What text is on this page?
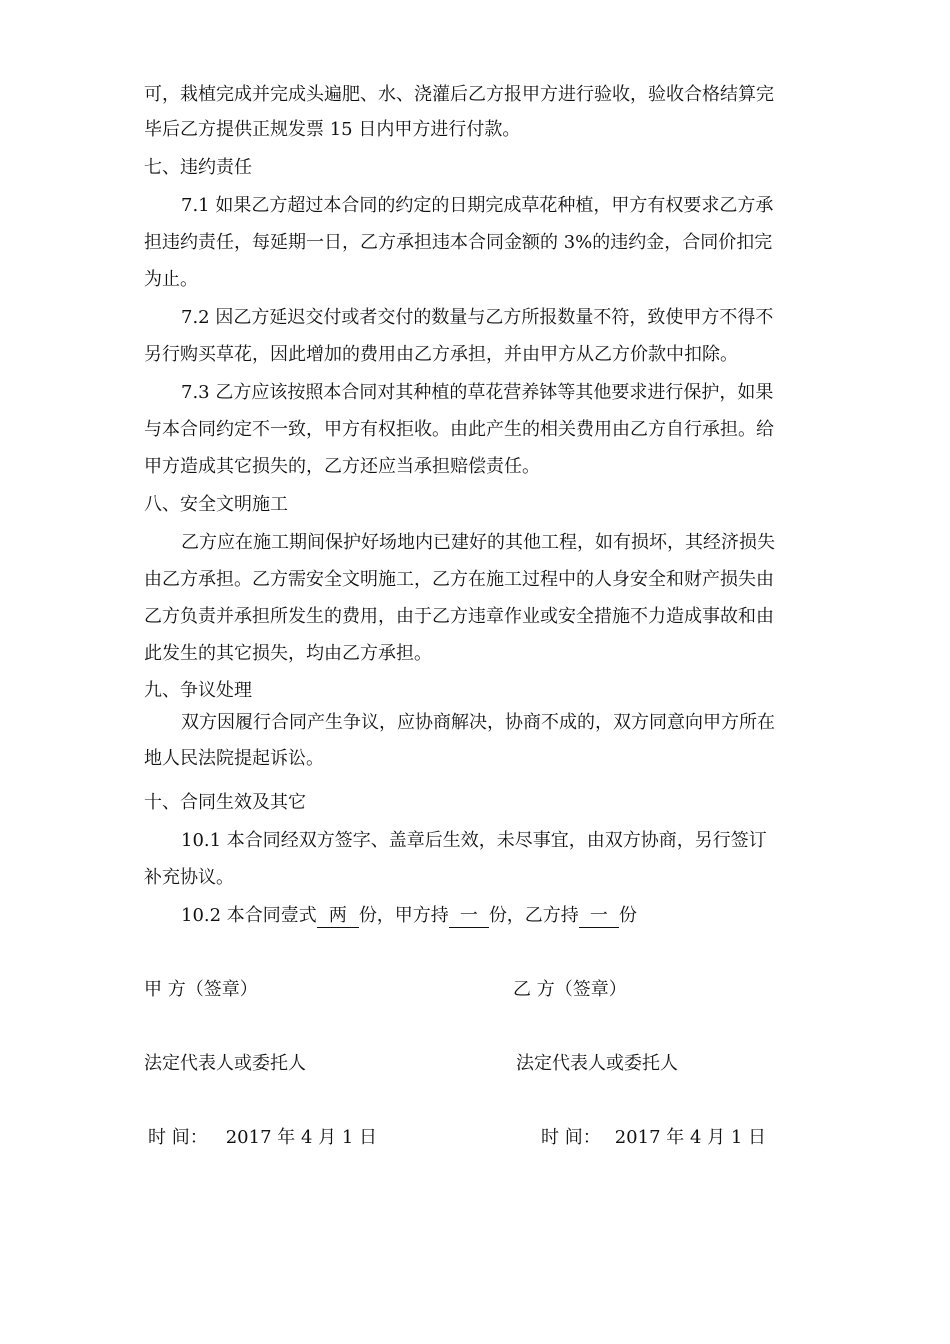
可，栽植完成并完成头遍肥、水、浇灌后乙方报甲方进行验收，验收合格结算完
毕后乙方提供正规发票 15 日内甲方进行付款。
七、违约责任
7.1 如果乙方超过本合同的约定的日期完成草花种植，甲方有权要求乙方承
担违约责任，每延期一日，乙方承担违本合同金额的 3%的违约金，合同价扣完
为止。
7.2 因乙方延迟交付或者交付的数量与乙方所报数量不符，致使甲方不得不
另行购买草花，因此增加的费用由乙方承担，并由甲方从乙方价款中扣除。
7.3 乙方应该按照本合同对其种植的草花营养钵等其他要求进行保护，如果
与本合同约定不一致，甲方有权拒收。由此产生的相关费用由乙方自行承担。给
甲方造成其它损失的，乙方还应当承担赔偿责任。
八、安全文明施工
乙方应在施工期间保护好场地内已建好的其他工程，如有损坏，其经济损失
由乙方承担。乙方需安全文明施工，乙方在施工过程中的人身安全和财产损失由
乙方负责并承担所发生的费用，由于乙方违章作业或安全措施不力造成事故和由
此发生的其它损失，均由乙方承担。
九、争议处理
双方因履行合同产生争议，应协商解决，协商不成的，双方同意向甲方所在
地人民法院提起诉讼。
十、合同生效及其它
10.1 本合同经双方签字、盖章后生效，未尽事宜，由双方协商，另行签订
补充协议。
10.2 本合同壹式 两 份，甲方持 一 份，乙方持 一 份
甲 方（签章）	乙 方（签章）
法定代表人或委托人	法定代表人或委托人
时 间： 2017 年 4 月 1 日	时 间： 2017 年 4 月 1 日
